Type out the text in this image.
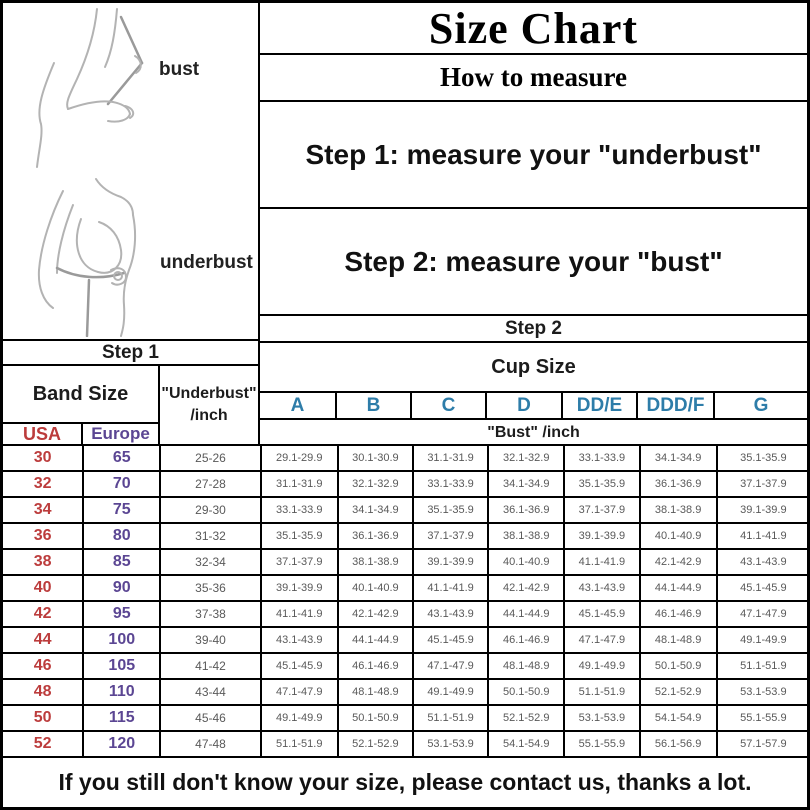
bust
underbust
Step 1
Band Size	"Underbust"
/inch
USA	Europe
Size Chart
How to measure
Step 1: measure your "underbust"
Step 2: measure your "bust"
Step 2
Cup Size
A	B	C	D	DD/E	DDD/F	G
"Bust" /inch
30	65	25-26	29.1-29.9	30.1-30.9	31.1-31.9	32.1-32.9	33.1-33.9	34.1-34.9	35.1-35.9
32	70	27-28	31.1-31.9	32.1-32.9	33.1-33.9	34.1-34.9	35.1-35.9	36.1-36.9	37.1-37.9
34	75	29-30	33.1-33.9	34.1-34.9	35.1-35.9	36.1-36.9	37.1-37.9	38.1-38.9	39.1-39.9
36	80	31-32	35.1-35.9	36.1-36.9	37.1-37.9	38.1-38.9	39.1-39.9	40.1-40.9	41.1-41.9
38	85	32-34	37.1-37.9	38.1-38.9	39.1-39.9	40.1-40.9	41.1-41.9	42.1-42.9	43.1-43.9
40	90	35-36	39.1-39.9	40.1-40.9	41.1-41.9	42.1-42.9	43.1-43.9	44.1-44.9	45.1-45.9
42	95	37-38	41.1-41.9	42.1-42.9	43.1-43.9	44.1-44.9	45.1-45.9	46.1-46.9	47.1-47.9
44	100	39-40	43.1-43.9	44.1-44.9	45.1-45.9	46.1-46.9	47.1-47.9	48.1-48.9	49.1-49.9
46	105	41-42	45.1-45.9	46.1-46.9	47.1-47.9	48.1-48.9	49.1-49.9	50.1-50.9	51.1-51.9
48	110	43-44	47.1-47.9	48.1-48.9	49.1-49.9	50.1-50.9	51.1-51.9	52.1-52.9	53.1-53.9
50	115	45-46	49.1-49.9	50.1-50.9	51.1-51.9	52.1-52.9	53.1-53.9	54.1-54.9	55.1-55.9
52	120	47-48	51.1-51.9	52.1-52.9	53.1-53.9	54.1-54.9	55.1-55.9	56.1-56.9	57.1-57.9
If you still don't know your size, please contact us, thanks a lot.
